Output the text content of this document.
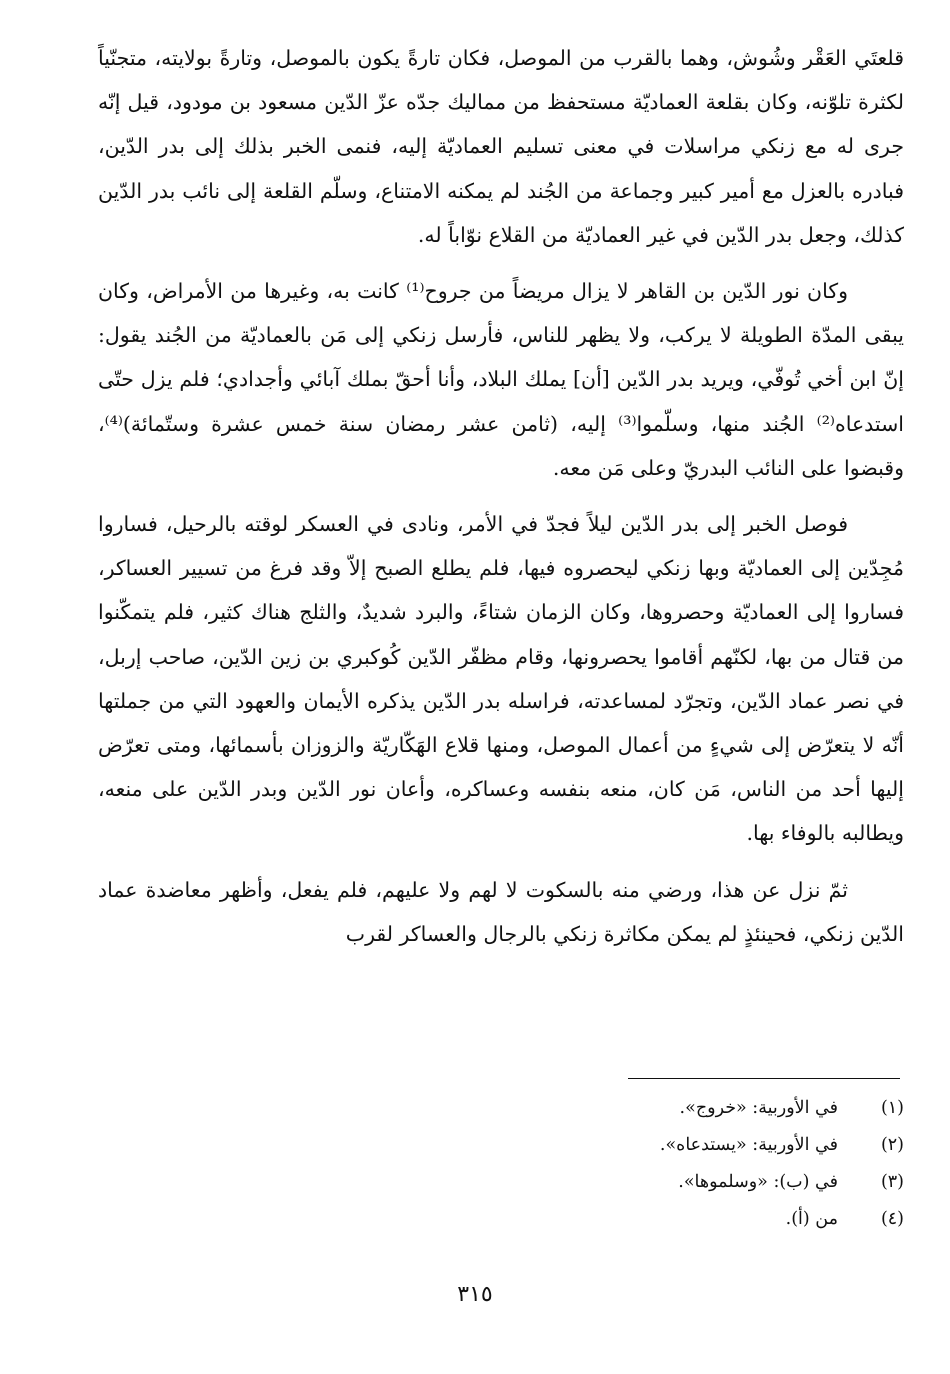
قلعتَي العَقْر وشُوش، وهما بالقرب من الموصل، فكان تارةً يكون بالموصل، وتارةً بولايته، متجنّياً لكثرة تلوّنه، وكان بقلعة العماديّة مستحفظ من مماليك جدّه عزّ الدّين مسعود بن مودود، قيل إنّه جرى له مع زنكي مراسلات في معنى تسليم العماديّة إليه، فنمى الخبر بذلك إلى بدر الدّين، فبادره بالعزل مع أمير كبير وجماعة من الجُند لم يمكنه الامتناع، وسلّم القلعة إلى نائب بدر الدّين كذلك، وجعل بدر الدّين في غير العماديّة من القلاع نوّاباً له.

وكان نور الدّين بن القاهر لا يزال مريضاً من جروح⁽¹⁾ كانت به، وغيرها من الأمراض، وكان يبقى المدّة الطويلة لا يركب، ولا يظهر للناس، فأرسل زنكي إلى مَن بالعماديّة من الجُند يقول: إنّ ابن أخي تُوفّي، ويريد بدر الدّين [أن] يملك البلاد، وأنا أحقّ بملك آبائي وأجدادي؛ فلم يزل حتّى استدعاه⁽²⁾ الجُند منها، وسلّموا⁽³⁾ إليه، (ثامن عشر رمضان سنة خمس عشرة وستّمائة)⁽⁴⁾، وقبضوا على النائب البدريّ وعلى مَن معه.

فوصل الخبر إلى بدر الدّين ليلاً فجدّ في الأمر، ونادى في العسكر لوقته بالرحيل، فساروا مُجِدّين إلى العماديّة وبها زنكي ليحصروه فيها، فلم يطلع الصبح إلاّ وقد فرغ من تسيير العساكر، فساروا إلى العماديّة وحصروها، وكان الزمان شتاءً، والبرد شديدٌ، والثلج هناك كثير، فلم يتمكّنوا من قتال من بها، لكنّهم أقاموا يحصرونها، وقام مظفّر الدّين كُوكبري بن زين الدّين، صاحب إربل، في نصر عماد الدّين، وتجرّد لمساعدته، فراسله بدر الدّين يذكره الأيمان والعهود التي من جملتها أنّه لا يتعرّض إلى شيءٍ من أعمال الموصل، ومنها قلاع الهَكّاريّة والزوزان بأسمائها، ومتى تعرّض إليها أحد من الناس، مَن كان، منعه بنفسه وعساكره، وأعان نور الدّين وبدر الدّين على منعه، ويطالبه بالوفاء بها.

ثمّ نزل عن هذا، ورضي منه بالسكوت لا لهم ولا عليهم، فلم يفعل، وأظهر معاضدة عماد الدّين زنكي، فحينئذٍ لم يمكن مكاثرة زنكي بالرجال والعساكر لقرب

(١)
في الأوربية: «خروج».
(٢)
في الأوربية: «يستدعاه».
(٣)
في (ب): «وسلموها».
(٤)
من (أ).
٣١٥
